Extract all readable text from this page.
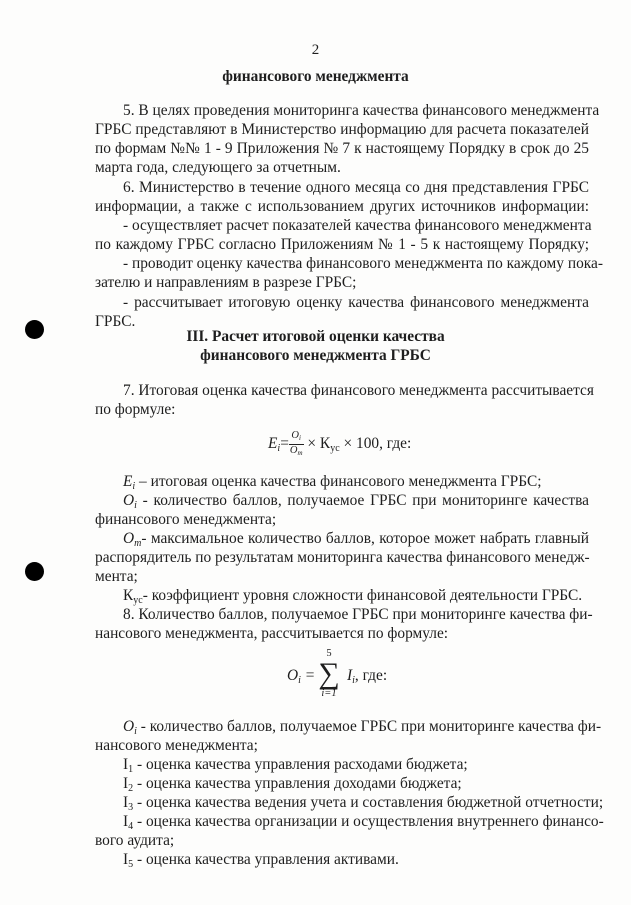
2
финансового менеджмента
5. В целях проведения мониторинга качества финансового менеджмента
ГРБС представляют в Министерство информацию для расчета показателей
по формам №№ 1 - 9 Приложения № 7 к настоящему Порядку в срок до 25
марта года, следующего за отчетным.
6. Министерство в течение одного месяца со дня представления ГРБС
информации, а также с использованием других источников информации:
- осуществляет расчет показателей качества финансового менеджмента
по каждому ГРБС согласно Приложениям № 1 - 5 к настоящему Порядку;
- проводит оценку качества финансового менеджмента по каждому пока-
зателю и направлениям в разрезе ГРБС;
- рассчитывает итоговую оценку качества финансового менеджмента
ГРБС.
III. Расчет итоговой оценки качества
финансового менеджмента ГРБС
7. Итоговая оценка качества финансового менеджмента рассчитывается
по формуле:
$E_i= \frac{O_i}{O_m} \times К_{ус} \times 100$, где:
$E_i$ – итоговая оценка качества финансового менеджмента ГРБС;
$O_i$ - количество баллов, получаемое ГРБС при мониторинге качества
финансового менеджмента;
$O_m-$ максимальное количество баллов, которое может набрать главный
распорядитель по результатам мониторинга качества финансового менедж-
мента;
$К_{ус}-$ коэффициент уровня сложности финансовой деятельности ГРБС.
8. Количество баллов, получаемое ГРБС при мониторинге качества фи-
нансового менеджмента, рассчитывается по формуле:
$O_i$ =
5
∑
i=1
$I_i$, где:
$O_i$ - количество баллов, получаемое ГРБС при мониторинге качества фи-
нансового менеджмента;
$I_1$ - оценка качества управления расходами бюджета;
$I_2$ - оценка качества управления доходами бюджета;
$I_3$ - оценка качества ведения учета и составления бюджетной отчетности;
$I_4$ - оценка качества организации и осуществления внутреннего финансо-
вого аудита;
$I_5$ - оценка качества управления активами.
